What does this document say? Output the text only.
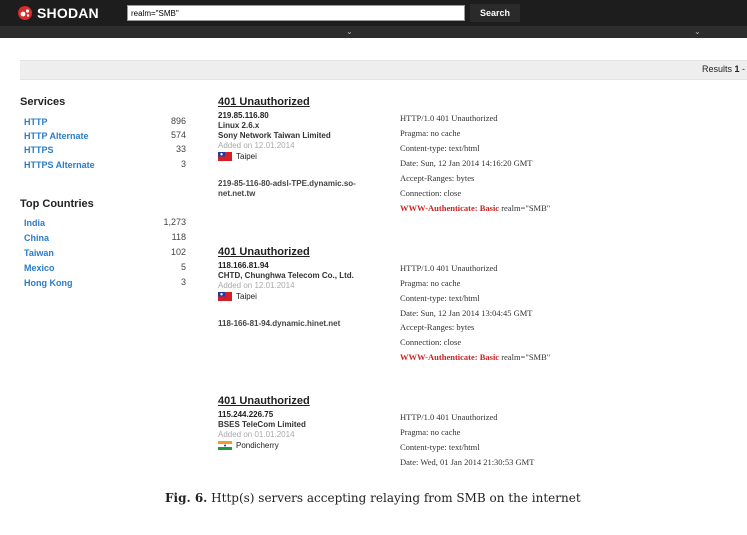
SHODAN
realm="SMB"	Search
⌄	⌄
Results 1 -
Services
HTTP	896
HTTP Alternate	574
HTTPS	33
HTTPS Alternate	3
Top Countries
India	1,273
China	118
Taiwan	102
Mexico	5
Hong Kong	3
401 Unauthorized
219.85.116.80
Linux 2.6.x
Sony Network Taiwan Limited
Added on 12.01.2014
Taipei
219-85-116-80-adsl-TPE.dynamic.so-net.net.tw
HTTP/1.0 401 Unauthorized
Pragma: no cache
Content-type: text/html
Date: Sun, 12 Jan 2014 14:16:20 GMT
Accept-Ranges: bytes
Connection: close
WWW-Authenticate: Basic realm="SMB"
401 Unauthorized
118.166.81.94
CHTD, Chunghwa Telecom Co., Ltd.
Added on 12.01.2014
Taipei
118-166-81-94.dynamic.hinet.net
HTTP/1.0 401 Unauthorized
Pragma: no cache
Content-type: text/html
Date: Sun, 12 Jan 2014 13:04:45 GMT
Accept-Ranges: bytes
Connection: close
WWW-Authenticate: Basic realm="SMB"
401 Unauthorized
115.244.226.75
BSES TeleCom Limited
Added on 01.01.2014
Pondicherry
HTTP/1.0 401 Unauthorized
Pragma: no cache
Content-type: text/html
Date: Wed, 01 Jan 2014 21:30:53 GMT
Fig. 6. Http(s) servers accepting relaying from SMB on the internet
